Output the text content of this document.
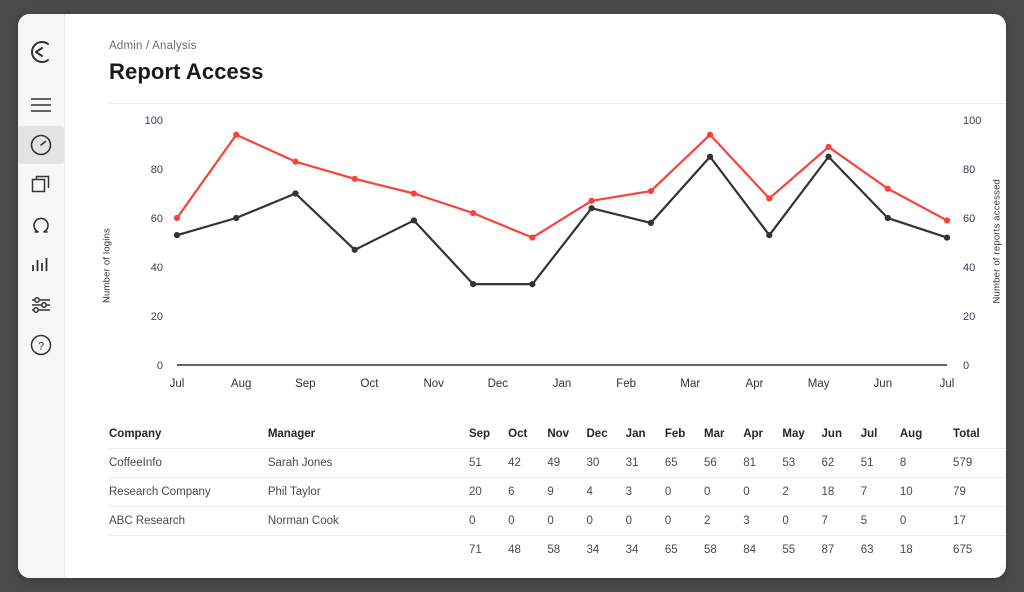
?
Admin / Analysis
Report Access
Number of logins	Number of reports accessed
0
20
40
60
80
100
0
20
40
60
80
100
Jul	Aug	Sep	Oct	Nov	Dec	Jan	Feb	Mar	Apr	May	Jun	Jul
Company	Manager	Sep	Oct	Nov	Dec	Jan	Feb	Mar	Apr	May	Jun	Jul	Aug	Total
CoffeeInfo	Sarah Jones	51	42	49	30	31	65	56	81	53	62	51	8	579
Research Company	Phil Taylor	20	6	9	4	3	0	0	0	2	18	7	10	79
ABC Research	Norman Cook	0	0	0	0	0	0	2	3	0	7	5	0	17
		71	48	58	34	34	65	58	84	55	87	63	18	675
